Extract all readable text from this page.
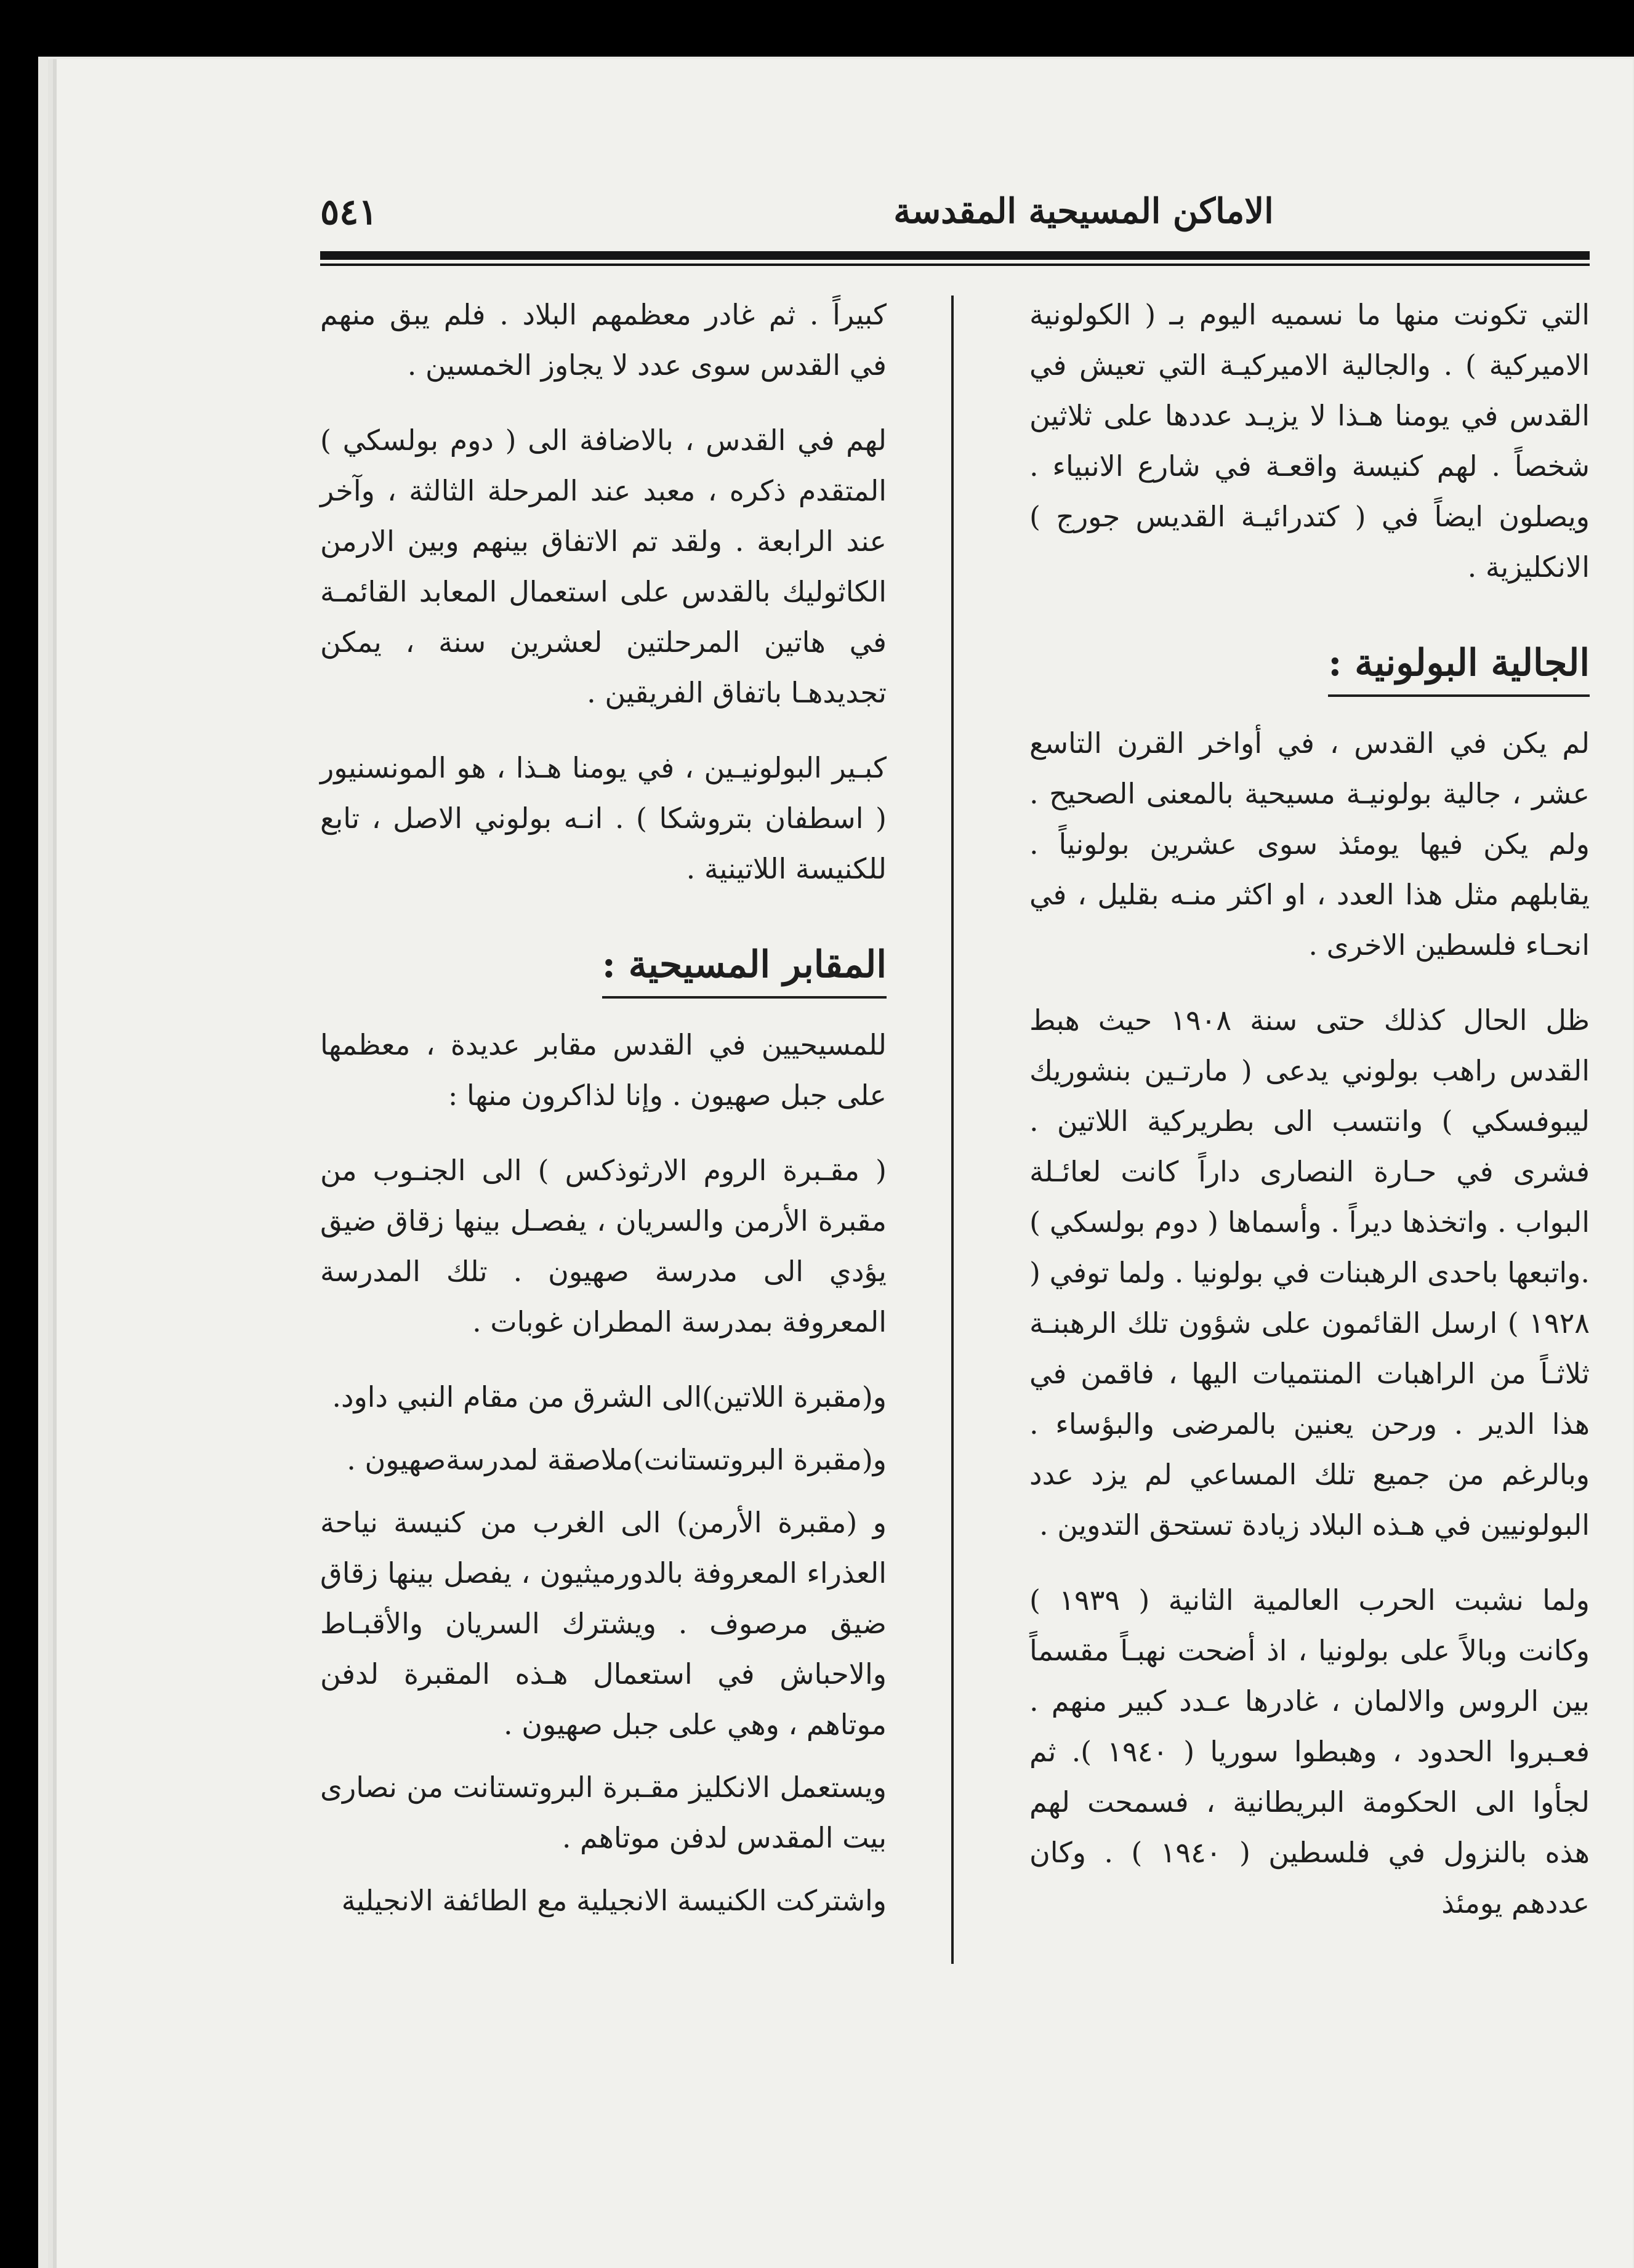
٥٤١	الاماكن المسيحية المقدسة

التي تكونت منها ما نسميه اليوم بـ ( الكولونية الاميركية ) . والجالية الاميركيـة التي تعيش في القدس في يومنا هـذا لا يزيـد عددها على ثلاثين شخصاً . لهم كنيسة واقعـة في شارع الانبياء . ويصلون ايضاً في ( كتدرائيـة القديس جورج ) الانكليزية .

الجالية البولونية :

لم يكن في القدس ، في أواخر القرن التاسع عشر ، جالية بولونيـة مسيحية بالمعنى الصحيح . ولم يكن فيها يومئذ سوى عشرين بولونياً . يقابلهم مثل هذا العدد ، او اكثر منـه بقليل ، في انحـاء فلسطين الاخرى .

ظل الحال كذلك حتى سنة ١٩٠٨ حيث هبط القدس راهب بولوني يدعى ( مارتـين بنشوريك ليبوفسكي ) وانتسب الى بطريركية اللاتين . فشرى في حـارة النصارى داراً كانت لعائـلة البواب . واتخذها ديراً . وأسماها ( دوم بولسكي ) .واتبعها باحدى الرهبنات في بولونيا . ولما توفي ( ١٩٢٨ ) ارسل القائمون على شؤون تلك الرهبنـة ثلاثـاً من الراهبات المنتميات اليها ، فاقمن في هذا الدير . ورحن يعنين بالمرضى والبؤساء . وبالرغم من جميع تلك المساعي لم يزد عدد البولونيين في هـذه البلاد زيادة تستحق التدوين .

ولما نشبت الحرب العالمية الثانية ( ١٩٣٩ ) وكانت وبالاً على بولونيا ، اذ أضحت نهبـاً مقسماً بين الروس والالمان ، غادرها عـدد كبير منهم . فعـبروا الحدود ، وهبطوا سوريا ( ١٩٤٠ ). ثم لجأوا الى الحكومة البريطانية ، فسمحت لهم هذه بالنزول في فلسطين ( ١٩٤٠ ) . وكان عددهم يومئذ

كبيراً . ثم غادر معظمهم البلاد . فلم يبق منهم في القدس سوى عدد لا يجاوز الخمسين .

لهم في القدس ، بالاضافة الى ( دوم بولسكي ) المتقدم ذكره ، معبد عند المرحلة الثالثة ، وآخر عند الرابعة . ولقد تم الاتفاق بينهم وبين الارمن الكاثوليك بالقدس على استعمال المعابد القائمـة في هاتين المرحلتين لعشرين سنة ، يمكن تجديدهـا باتفاق الفريقين .

كبـير البولونيـين ، في يومنا هـذا ، هو المونسنيور ( اسطفان بتروشكا ) . انـه بولوني الاصل ، تابع للكنيسة اللاتينية .

المقابر المسيحية :

للمسيحيين في القدس مقابر عديدة ، معظمها على جبل صهيون . وإنا لذاكرون منها :

( مقـبرة الروم الارثوذكس ) الى الجنـوب من مقبرة الأرمن والسريان ، يفصـل بينها زقاق ضيق يؤدي الى مدرسة صهيون . تلك المدرسة المعروفة بمدرسة المطران غوبات .

و(مقبرة اللاتين)الى الشرق من مقام النبي داود.

و(مقبرة البروتستانت)ملاصقة لمدرسةصهيون .

و (مقبرة الأرمن) الى الغرب من كنيسة نياحة العذراء المعروفة بالدورميثيون ، يفصل بينها زقاق ضيق مرصوف . ويشترك السريان والأقبـاط والاحباش في استعمال هـذه المقبرة لدفن موتاهم ، وهي على جبل صهيون .

ويستعمل الانكليز مقـبرة البروتستانت من نصارى بيت المقدس لدفن موتاهم .

واشتركت الكنيسة الانجيلية مع الطائفة الانجيلية
